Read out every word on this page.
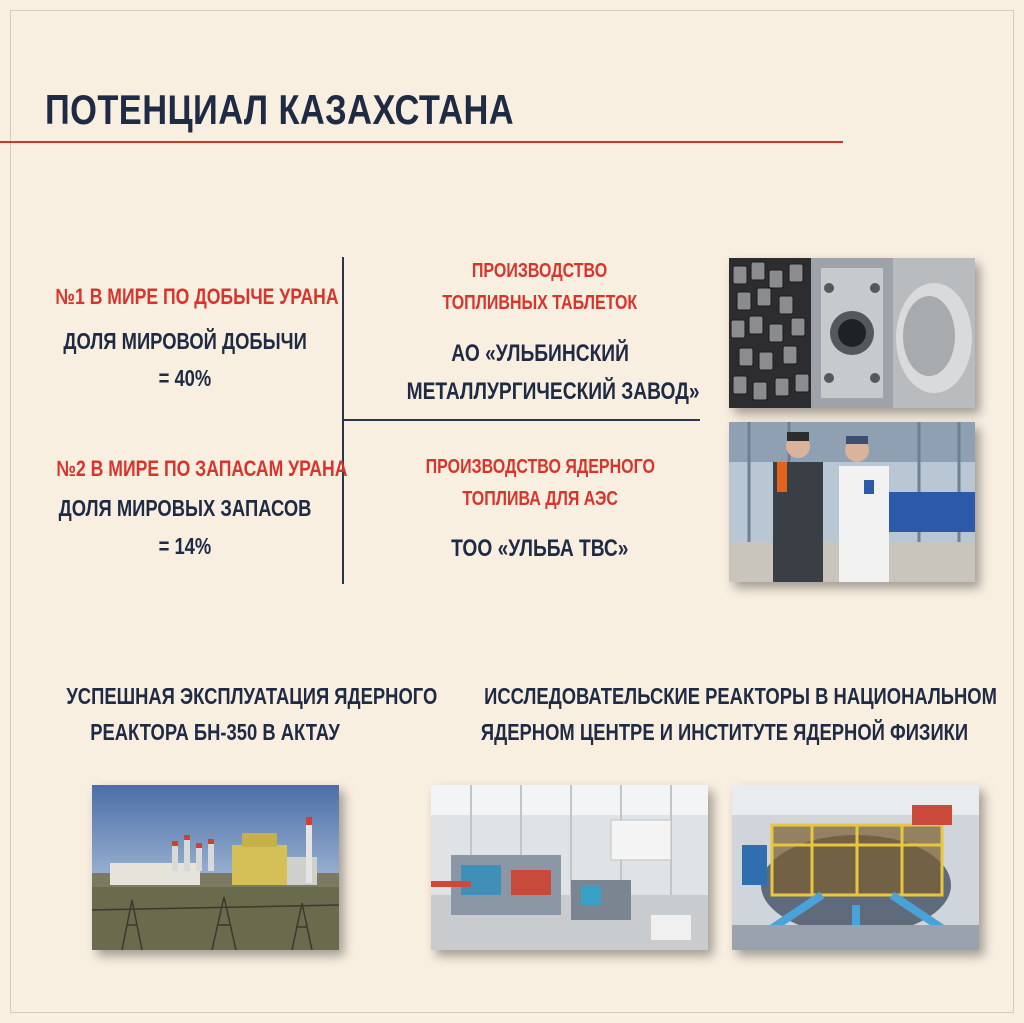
ПОТЕНЦИАЛ КАЗАХСТАНА
№1 В МИРЕ ПО ДОБЫЧЕ УРАНА
ДОЛЯ МИРОВОЙ ДОБЫЧИ
= 40%
№2 В МИРЕ ПО ЗАПАСАМ УРАНА
ДОЛЯ МИРОВЫХ ЗАПАСОВ
= 14%
ПРОИЗВОДСТВО
ТОПЛИВНЫХ ТАБЛЕТОК
АО «УЛЬБИНСКИЙ
МЕТАЛЛУРГИЧЕСКИЙ ЗАВОД»
ПРОИЗВОДСТВО ЯДЕРНОГО
ТОПЛИВА ДЛЯ АЭС
ТОО «УЛЬБА ТВС»
УСПЕШНАЯ ЭКСПЛУАТАЦИЯ ЯДЕРНОГО
РЕАКТОРА БН-350 В АКТАУ
ИССЛЕДОВАТЕЛЬСКИЕ РЕАКТОРЫ В НАЦИОНАЛЬНОМ
ЯДЕРНОМ ЦЕНТРЕ И ИНСТИТУТЕ ЯДЕРНОЙ ФИЗИКИ
